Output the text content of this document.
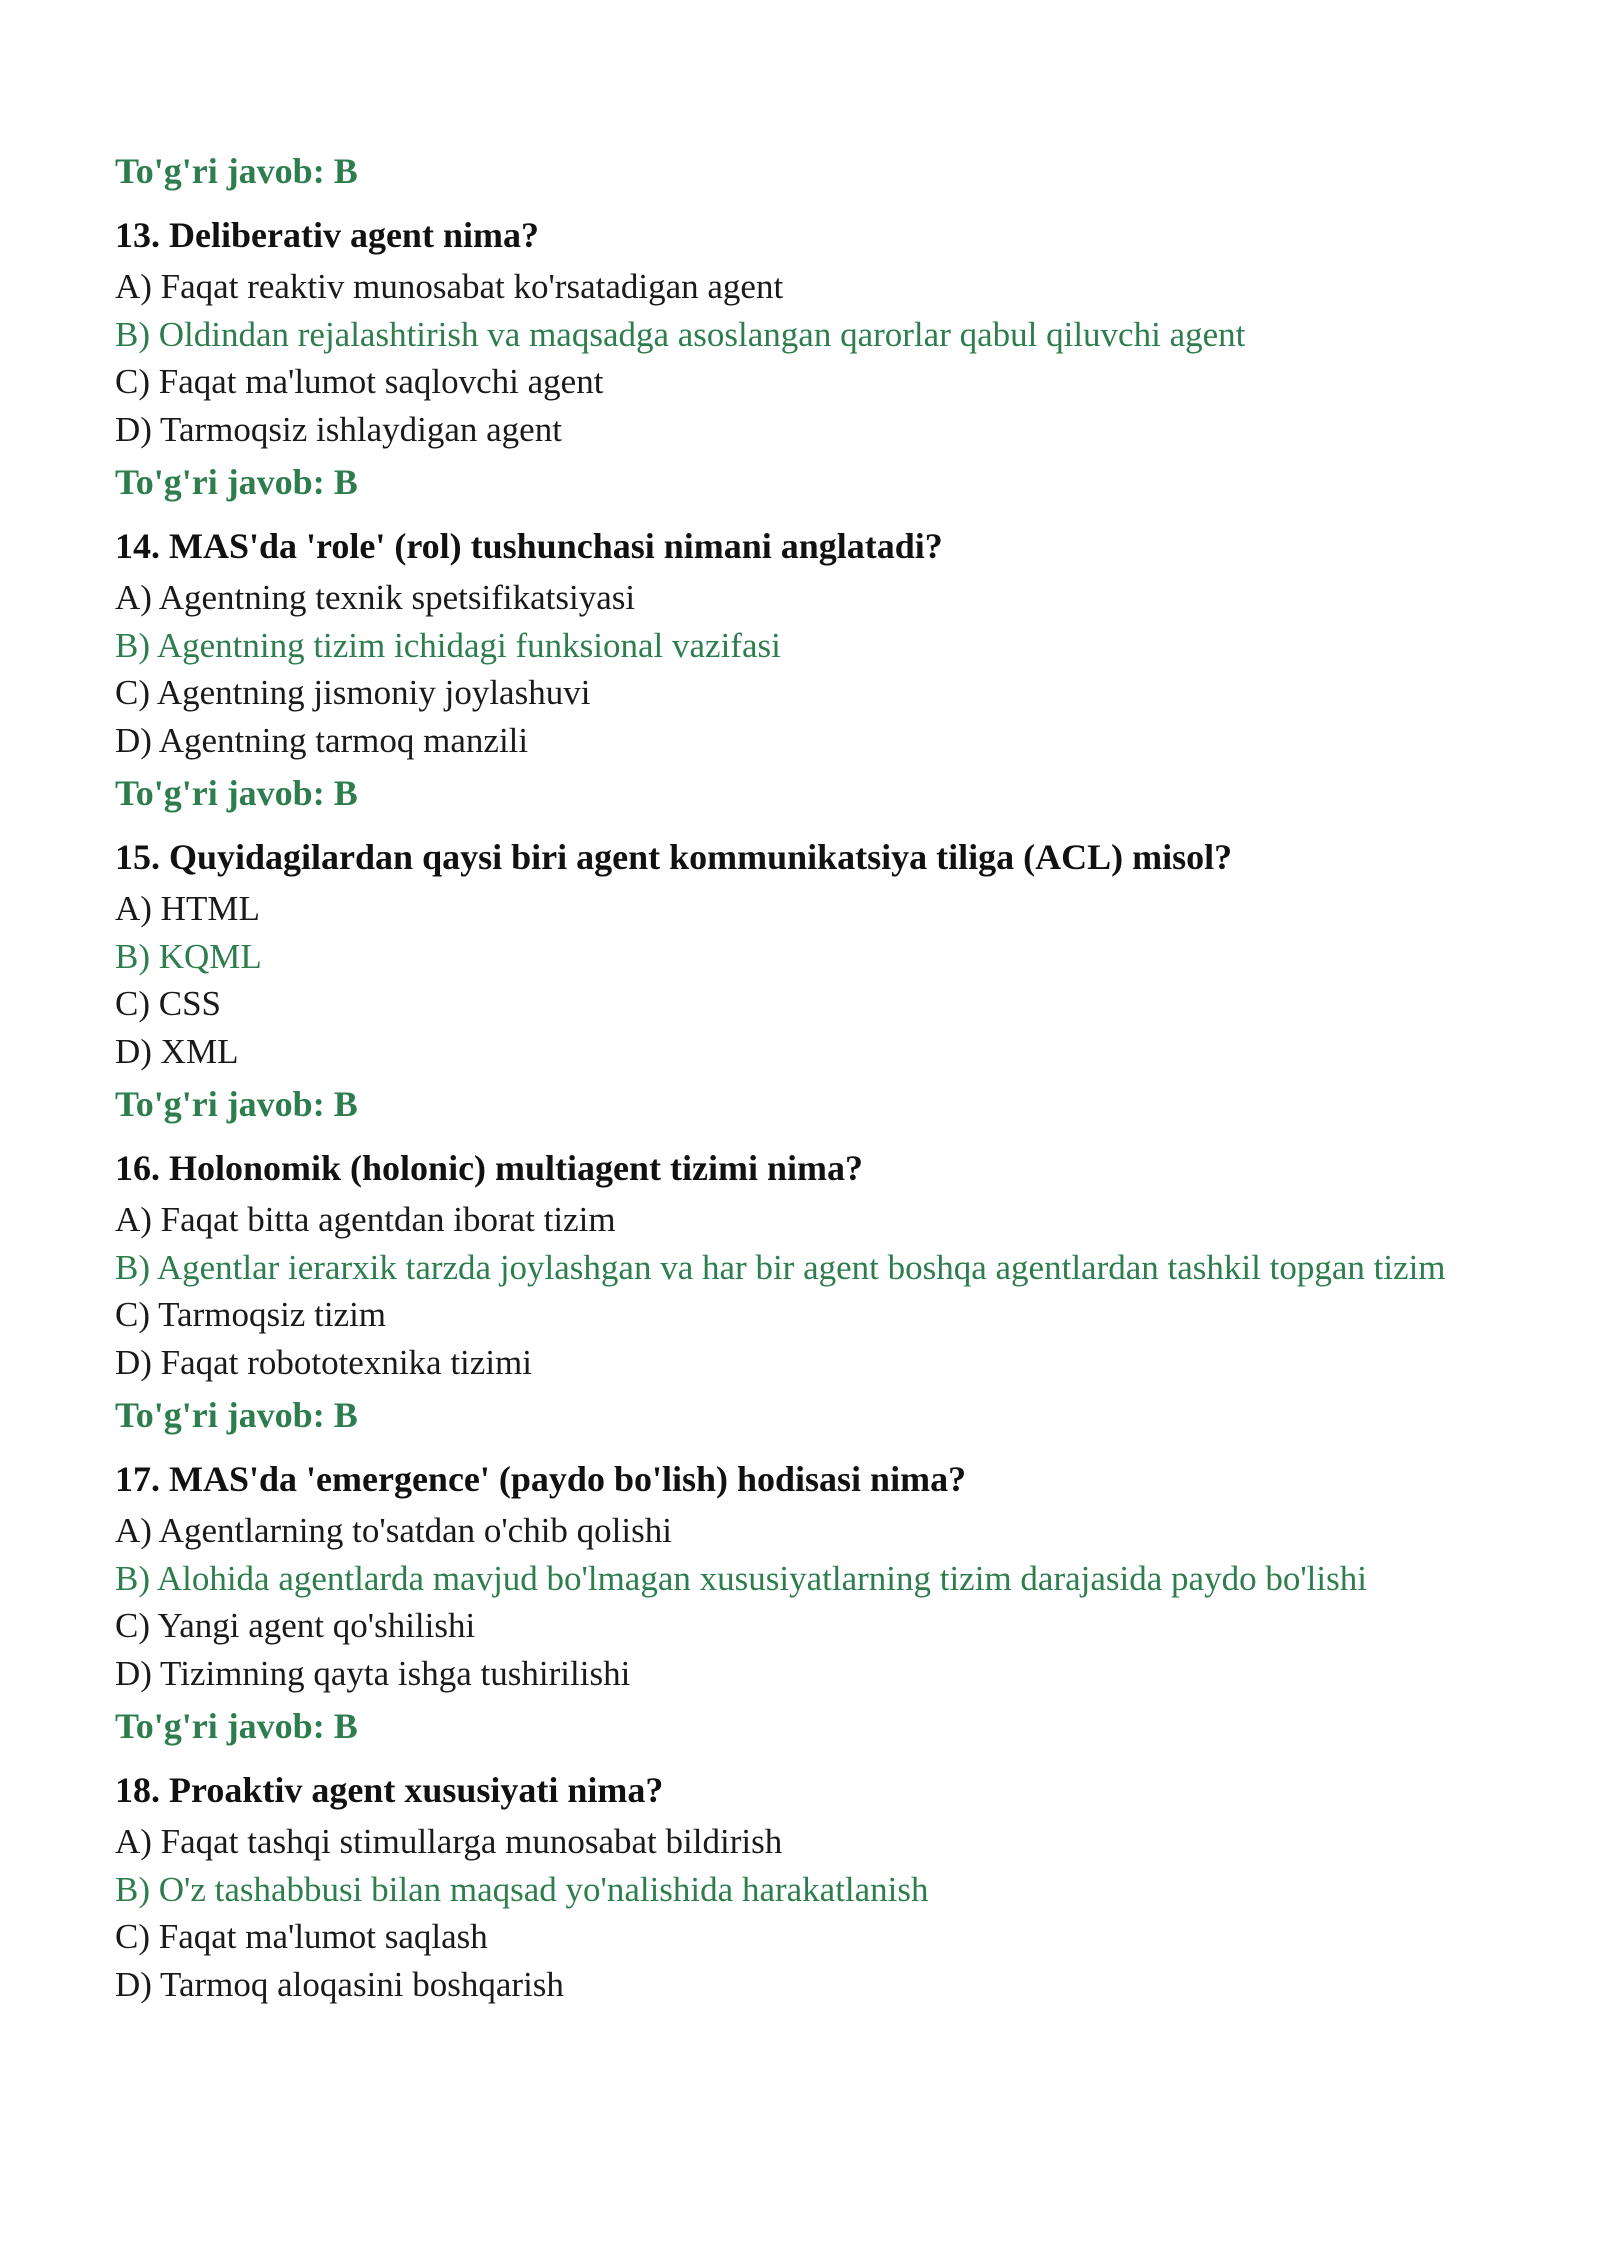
To'g'ri javob: B

13. Deliberativ agent nima?

A) Faqat reaktiv munosabat ko'rsatadigan agent

B) Oldindan rejalashtirish va maqsadga asoslangan qarorlar qabul qiluvchi agent

C) Faqat ma'lumot saqlovchi agent

D) Tarmoqsiz ishlaydigan agent

To'g'ri javob: B

14. MAS'da 'role' (rol) tushunchasi nimani anglatadi?

A) Agentning texnik spetsifikatsiyasi

B) Agentning tizim ichidagi funksional vazifasi

C) Agentning jismoniy joylashuvi

D) Agentning tarmoq manzili

To'g'ri javob: B

15. Quyidagilardan qaysi biri agent kommunikatsiya tiliga (ACL) misol?

A) HTML

B) KQML

C) CSS

D) XML

To'g'ri javob: B

16. Holonomik (holonic) multiagent tizimi nima?

A) Faqat bitta agentdan iborat tizim

B) Agentlar ierarxik tarzda joylashgan va har bir agent boshqa agentlardan tashkil topgan tizim

C) Tarmoqsiz tizim

D) Faqat robototexnika tizimi

To'g'ri javob: B

17. MAS'da 'emergence' (paydo bo'lish) hodisasi nima?

A) Agentlarning to'satdan o'chib qolishi

B) Alohida agentlarda mavjud bo'lmagan xususiyatlarning tizim darajasida paydo bo'lishi

C) Yangi agent qo'shilishi

D) Tizimning qayta ishga tushirilishi

To'g'ri javob: B

18. Proaktiv agent xususiyati nima?

A) Faqat tashqi stimullarga munosabat bildirish

B) O'z tashabbusi bilan maqsad yo'nalishida harakatlanish

C) Faqat ma'lumot saqlash

D) Tarmoq aloqasini boshqarish
